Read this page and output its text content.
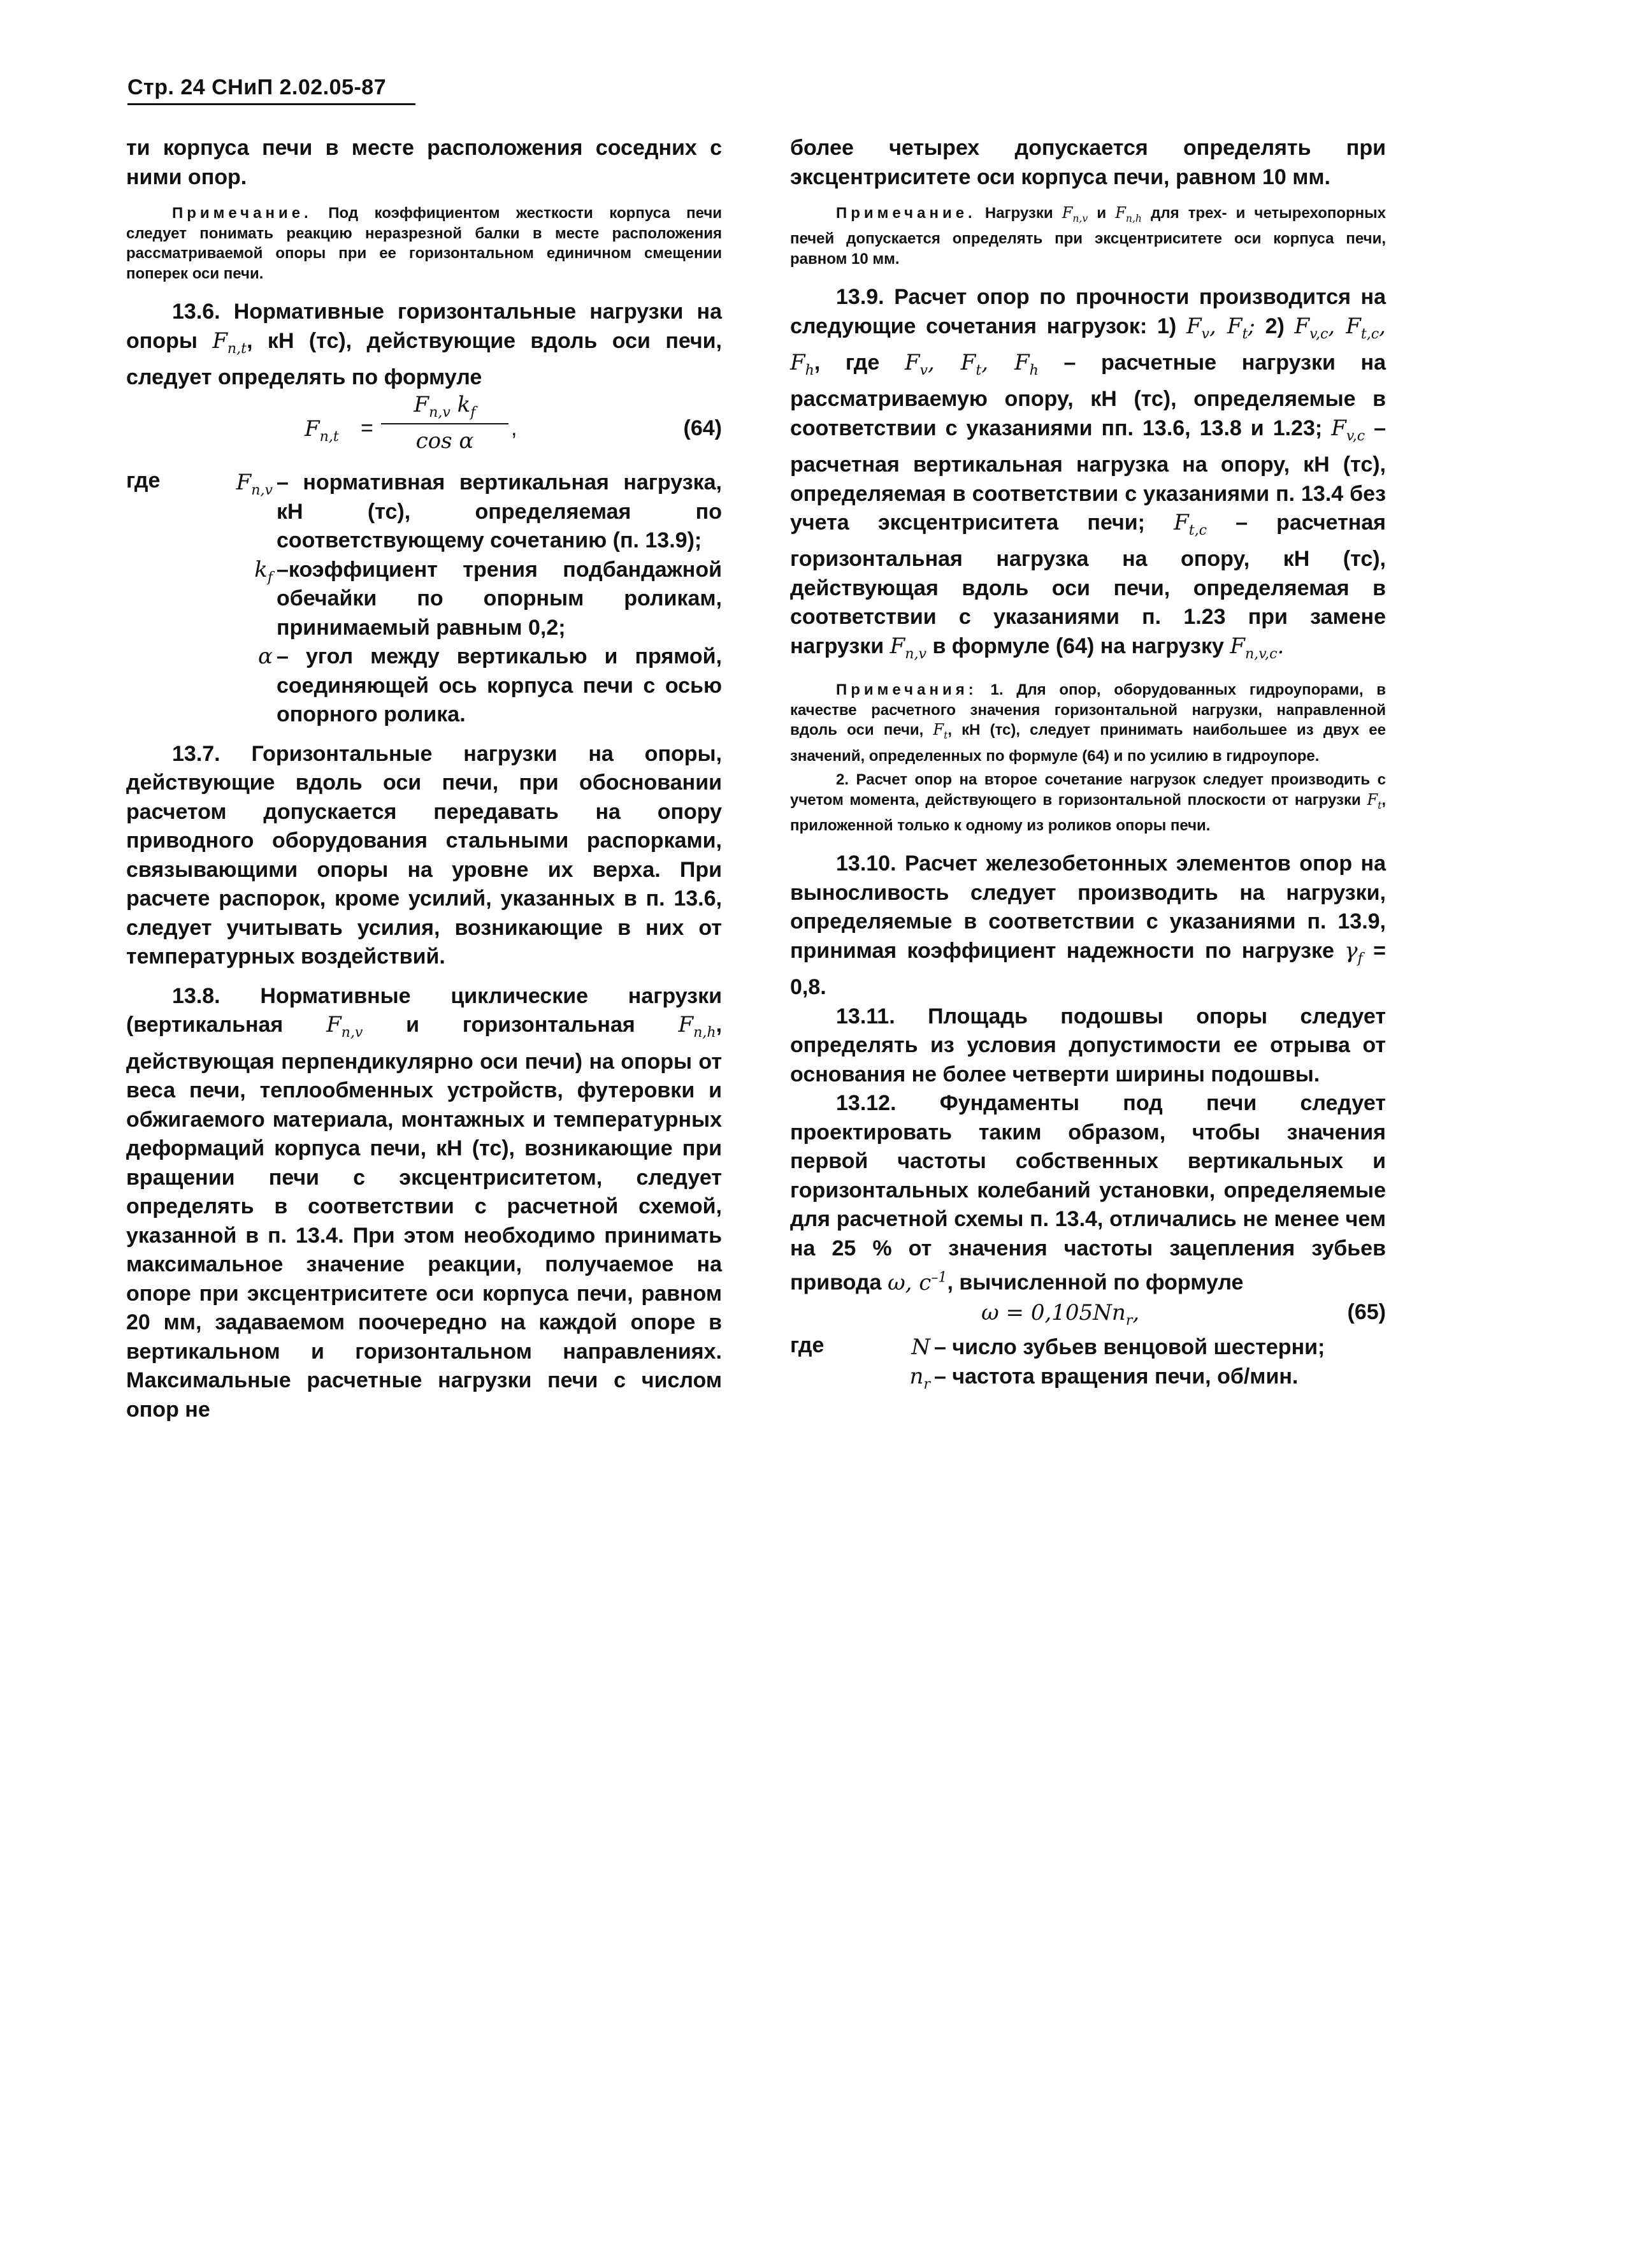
Стр. 24 СНиП 2.02.05-87

ти корпуса печи в месте расположения соседних с ними опор.

Примечание. Под коэффициентом жесткости корпуса печи следует понимать реакцию неразрезной балки в месте расположения рассматриваемой опоры при ее горизонтальном единичном смещении поперек оси печи.

13.6. Нормативные горизонтальные нагрузки на опоры $F_{n,t}$, кН (тс), действующие вдоль оси печи, следует определять по формуле

$F_{n,t}$ =
$F_{n,v}$ $k_f$
cos α	,	(64)
где	$F_{n,v}$ – нормативная вертикальная нагрузка, кН (тс), определяемая по соответствующему сочетанию (п. 13.9);
$k_f$ –коэффициент трения подбандажной обечайки по опорным роликам, принимаемый равным 0,2;
α – угол между вертикалью и прямой, соединяющей ось корпуса печи с осью опорного ролика.

13.7. Горизонтальные нагрузки на опоры, действующие вдоль оси печи, при обосновании расчетом допускается передавать на опору приводного оборудования стальными распорками, связывающими опоры на уровне их верха. При расчете распорок, кроме усилий, указанных в п. 13.6, следует учитывать усилия, возникающие в них от температурных воздействий.

13.8. Нормативные циклические нагрузки (вертикальная $F_{n,v}$ и горизонтальная $F_{n,h}$, действующая перпендикулярно оси печи) на опоры от веса печи, теплообменных устройств, футеровки и обжигаемого материала, монтажных и температурных деформаций корпуса печи, кН (тс), возникающие при вращении печи с эксцентриситетом, следует определять в соответствии с расчетной схемой, указанной в п. 13.4. При этом необходимо принимать максимальное значение реакции, получаемое на опоре при эксцентриситете оси корпуса печи, равном 20 мм, задаваемом поочередно на каждой опоре в вертикальном и горизонтальном направлениях. Максимальные расчетные нагрузки печи с числом опор не

более четырех допускается определять при эксцентриситете оси корпуса печи, равном 10 мм.

Примечание. Нагрузки $F_{n,v}$ и $F_{n,h}$ для трех- и четырехопорных печей допускается определять при эксцентриситете оси корпуса печи, равном 10 мм.

13.9. Расчет опор по прочности производится на следующие сочетания нагрузок: 1) $F_v$, $F_t$; 2) $F_{v,c}$, $F_{t,c}$, $F_h$, где $F_v$, $F_t$, $F_h$ – расчетные нагрузки на рассматриваемую опору, кН (тс), определяемые в соответствии с указаниями пп. 13.6, 13.8 и 1.23; $F_{v,c}$ – расчетная вертикальная нагрузка на опору, кН (тс), определяемая в соответствии с указаниями п. 13.4 без учета эксцентриситета печи; $F_{t,c}$ – расчетная горизонтальная нагрузка на опору, кН (тс), действующая вдоль оси печи, определяемая в соответствии с указаниями п. 1.23 при замене нагрузки $F_{n,v}$ в формуле (64) на нагрузку $F_{n,v,c}$.

Примечания: 1. Для опор, оборудованных гидроупорами, в качестве расчетного значения горизонтальной нагрузки, направленной вдоль оси печи, $F_t$, кН (тс), следует принимать наибольшее из двух ее значений, определенных по формуле (64) и по усилию в гидроупоре.

2. Расчет опор на второе сочетание нагрузок следует производить с учетом момента, действующего в горизонтальной плоскости от нагрузки $F_t$, приложенной только к одному из роликов опоры печи.

13.10. Расчет железобетонных элементов опор на выносливость следует производить на нагрузки, определяемые в соответствии с указаниями п. 13.9, принимая коэффициент надежности по нагрузке $\gamma_f = 0,8$.

13.11. Площадь подошвы опоры следует определять из условия допустимости ее отрыва от основания не более четверти ширины подошвы.

13.12. Фундаменты под печи следует проектировать таким образом, чтобы значения первой частоты собственных вертикальных и горизонтальных колебаний установки, определяемые для расчетной схемы п. 13.4, отличались не менее чем на 25 % от значения частоты зацепления зубьев привода ω, $c^{-1}$, вычисленной по формуле

$\omega = 0,105Nn_r$,	(65)
где	N – число зубьев венцовой шестерни;
$n_r$ – частота вращения печи, об/мин.
